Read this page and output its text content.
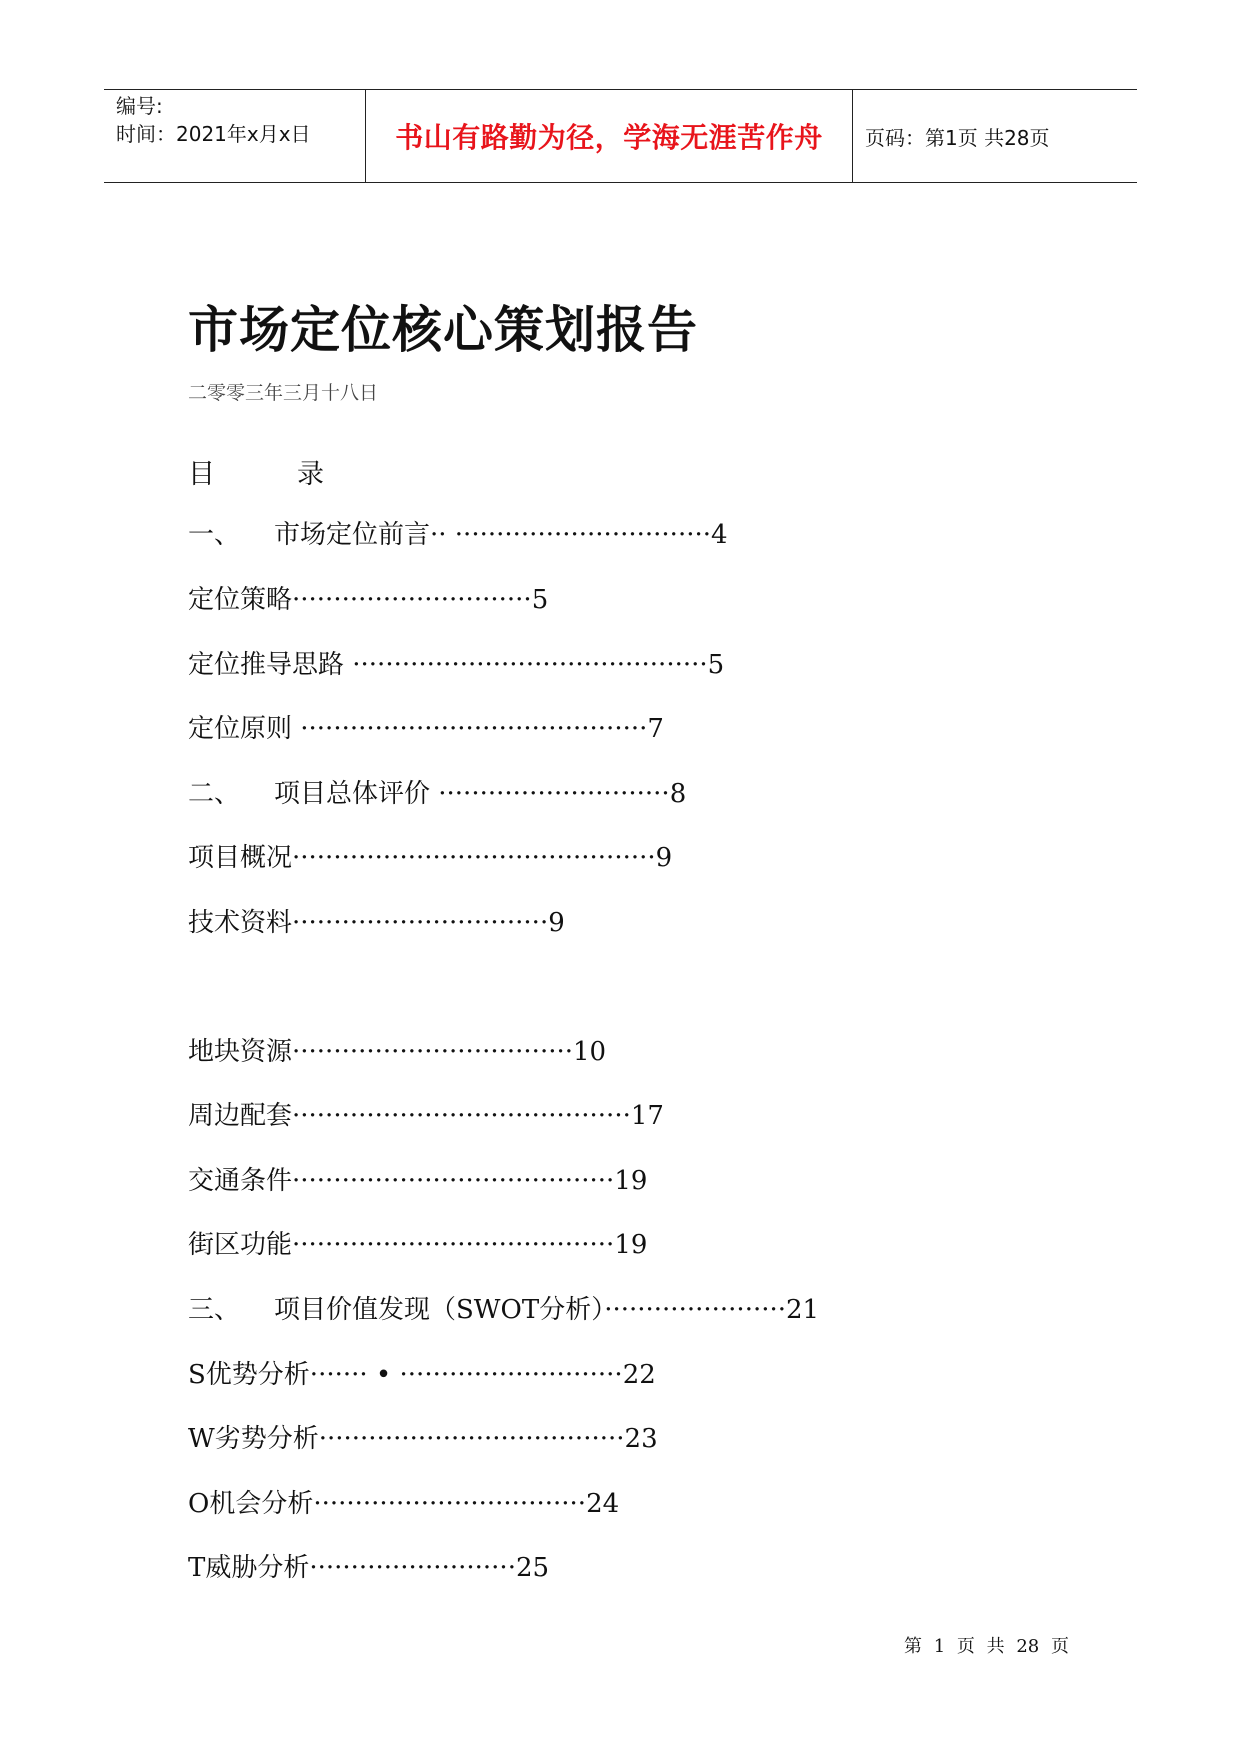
编号:
时间：2021年x月x日	书山有路勤为径，学海无涯苦作舟	页码：第1页 共28页
市场定位核心策划报告
二零零三年三月十八日
目	录
一、 市场定位前言·· ·······························4
定位策略·····························5
定位推导思路 ···········································5
定位原则 ··········································7
二、 项目总体评价 ····························8
项目概况············································9
技术资料·······························9
地块资源··································10
周边配套·········································17
交通条件·······································19
街区功能·······································19
三、 项目价值发现（SWOT分析）······················21
S优势分析······· • ···························22
W劣势分析·····································23
O机会分析·································24
T威胁分析·························25
第 1 页 共 28 页
